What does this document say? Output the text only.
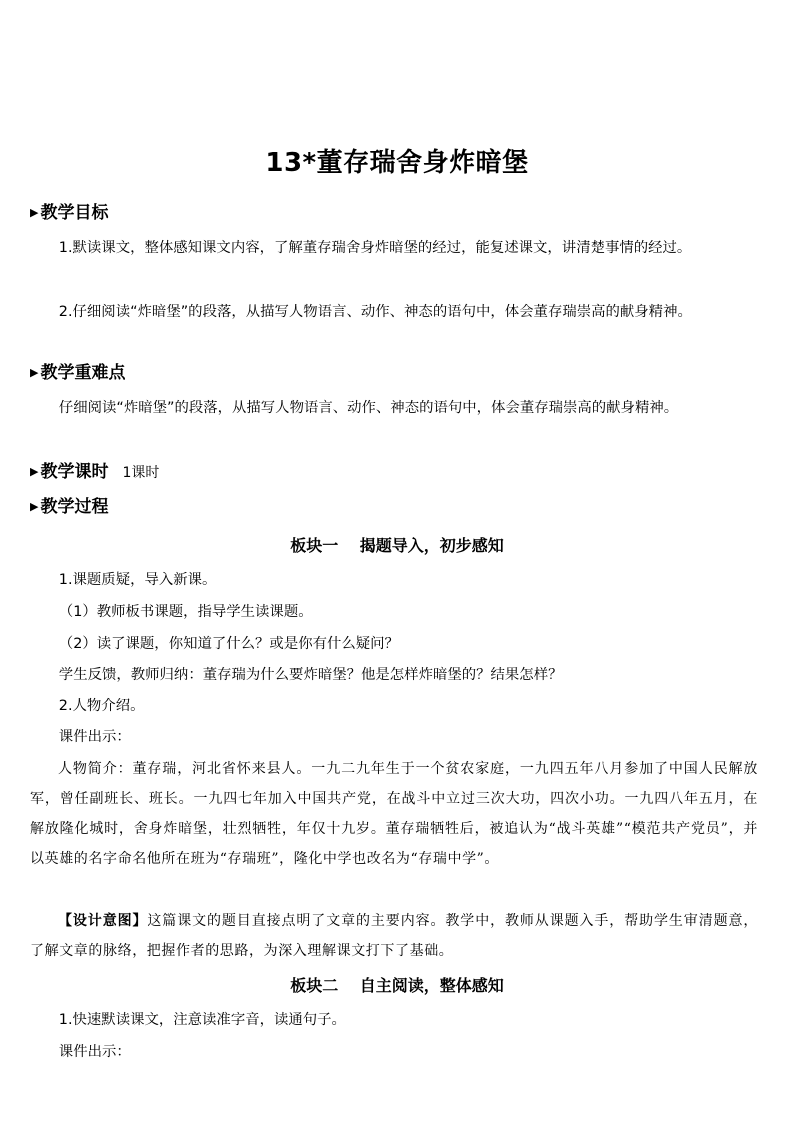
13*董存瑞舍身炸暗堡
▶ 教学目标

1.默读课文，整体感知课文内容，了解董存瑞舍身炸暗堡的经过，能复述课文，讲清楚事情的经过。

2.仔细阅读“炸暗堡”的段落，从描写人物语言、动作、神态的语句中，体会董存瑞崇高的献身精神。

▶ 教学重难点

仔细阅读“炸暗堡”的段落，从描写人物语言、动作、神态的语句中，体会董存瑞崇高的献身精神。

▶ 教学课时 1课时
▶ 教学过程
板块一　 揭题导入，初步感知

1.课题质疑，导入新课。

（1）教师板书课题，指导学生读课题。

（2）读了课题，你知道了什么？或是你有什么疑问？

学生反馈，教师归纳：董存瑞为什么要炸暗堡？他是怎样炸暗堡的？结果怎样？

2.人物介绍。

课件出示：

人物简介：董存瑞，河北省怀来县人。一九二九年生于一个贫农家庭，一九四五年八月参加了中国人民解放军，曾任副班长、班长。一九四七年加入中国共产党，在战斗中立过三次大功，四次小功。一九四八年五月，在解放隆化城时，舍身炸暗堡，壮烈牺牲，年仅十九岁。董存瑞牺牲后，被追认为“战斗英雄”“模范共产党员”，并以英雄的名字命名他所在班为“存瑞班”，隆化中学也改名为“存瑞中学”。

【设计意图】这篇课文的题目直接点明了文章的主要内容。教学中，教师从课题入手，帮助学生审清题意，了解文章的脉络，把握作者的思路，为深入理解课文打下了基础。

板块二　 自主阅读，整体感知

1.快速默读课文，注意读准字音，读通句子。

课件出示：
